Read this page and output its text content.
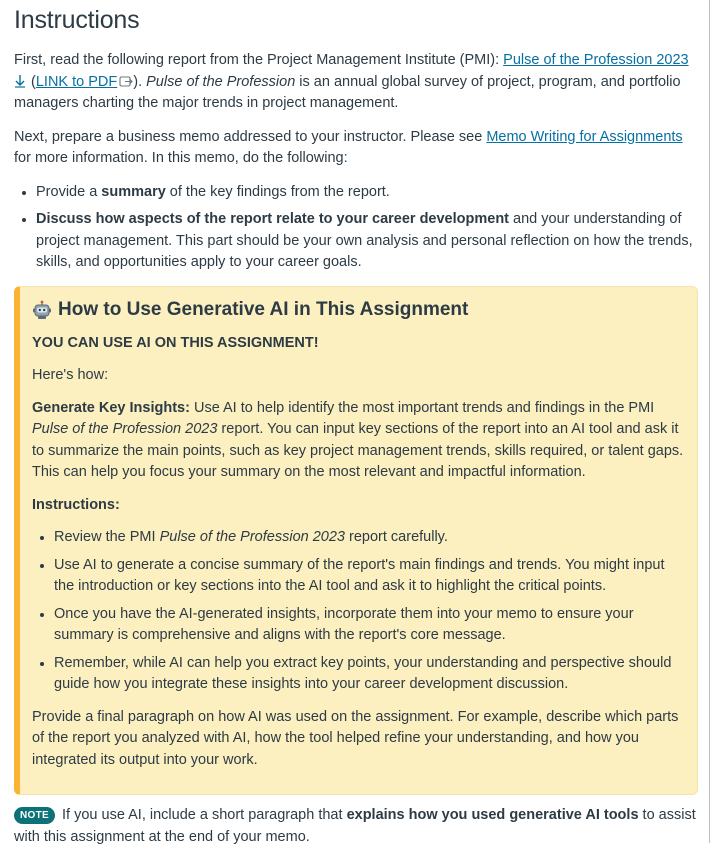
Instructions

First, read the following report from the Project Management Institute (PMI): Pulse of the Profession 2023
(LINK to PDF ). Pulse of the Profession is an annual global survey of project, program, and portfolio managers charting the major trends in project management.

Next, prepare a business memo addressed to your instructor. Please see Memo Writing for Assignments for more information. In this memo, do the following:

• Provide a summary of the key findings from the report.
• Discuss how aspects of the report relate to your career development and your understanding of project management. This part should be your own analysis and personal reflection on how the trends, skills, and opportunities apply to your career goals.
How to Use Generative AI in This Assignment

YOU CAN USE AI ON THIS ASSIGNMENT!

Here's how:

Generate Key Insights: Use AI to help identify the most important trends and findings in the PMI Pulse of the Profession 2023 report. You can input key sections of the report into an AI tool and ask it to summarize the main points, such as key project management trends, skills required, or talent gaps. This can help you focus your summary on the most relevant and impactful information.

Instructions:

• Review the PMI Pulse of the Profession 2023 report carefully.
• Use AI to generate a concise summary of the report's main findings and trends. You might input the introduction or key sections into the AI tool and ask it to highlight the critical points.
• Once you have the AI-generated insights, incorporate them into your memo to ensure your summary is comprehensive and aligns with the report's core message.
• Remember, while AI can help you extract key points, your understanding and perspective should guide how you integrate these insights into your career development discussion.

Provide a final paragraph on how AI was used on the assignment. For example, describe which parts of the report you analyzed with AI, how the tool helped refine your understanding, and how you integrated its output into your work.

NOTE If you use AI, include a short paragraph that explains how you used generative AI tools to assist with this assignment at the end of your memo.
